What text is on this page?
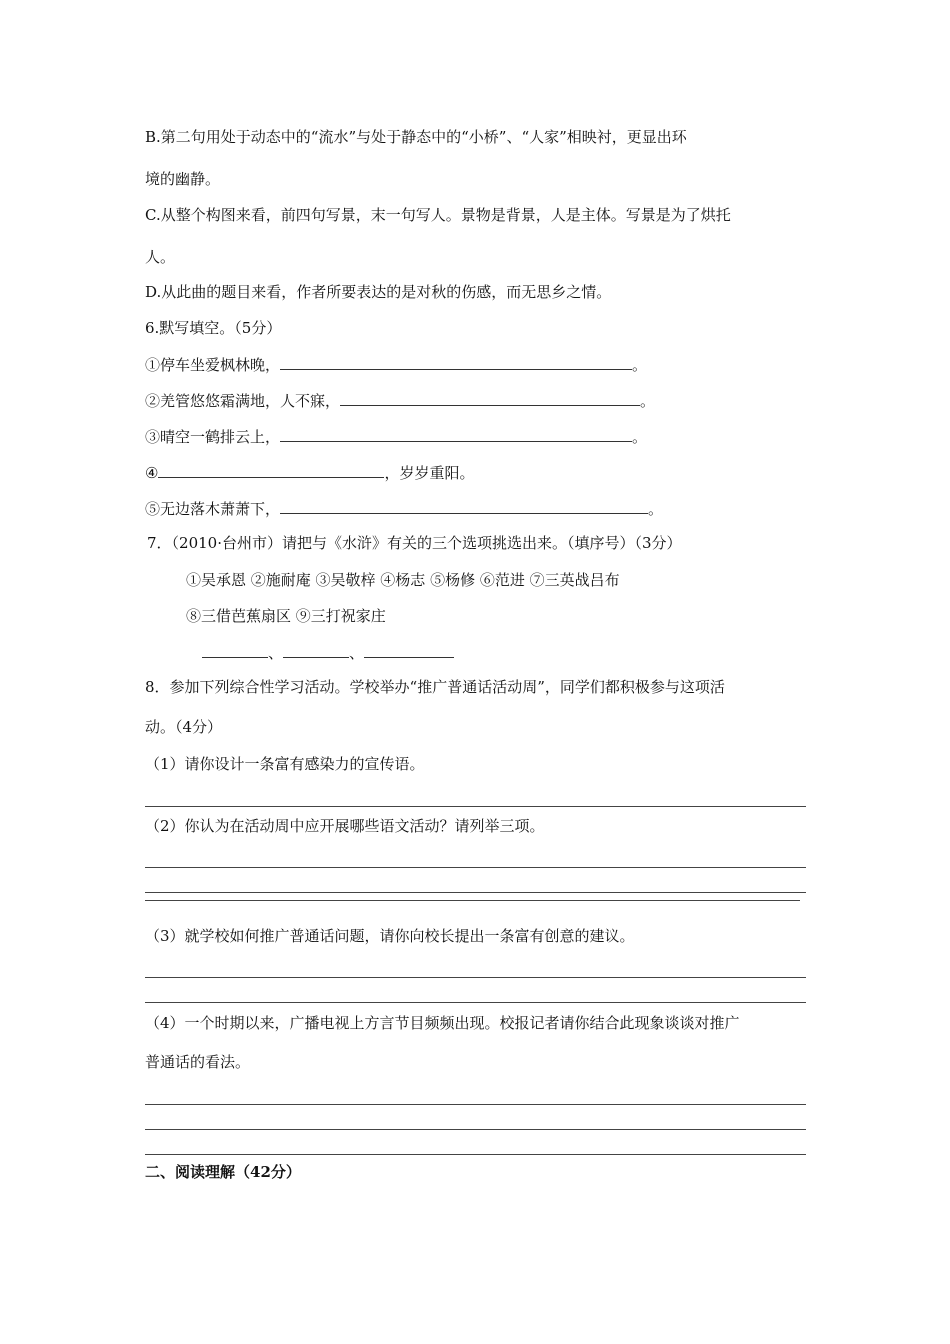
B.第二句用处于动态中的“流水”与处于静态中的“小桥”、“人家”相映衬，更显出环
境的幽静。
C.从整个构图来看，前四句写景，末一句写人。景物是背景，人是主体。写景是为了烘托
人。
D.从此曲的题目来看，作者所要表达的是对秋的伤感，而无思乡之情。
6.默写填空。（5分）
①停车坐爱枫林晚，	。
②羌管悠悠霜满地，人不寐，	。
③晴空一鹤排云上，	。
④	，岁岁重阳。
⑤无边落木萧萧下，	。
7．（2010·台州市）请把与《水浒》有关的三个选项挑选出来。（填序号）（3分）
①吴承恩 ②施耐庵 ③吴敬梓 ④杨志 ⑤杨修 ⑥范进 ⑦三英战吕布
⑧三借芭蕉扇区 ⑨三打祝家庄
、	、
8．参加下列综合性学习活动。学校举办“推广普通话活动周”，同学们都积极参与这项活
动。（4分）
（1）请你设计一条富有感染力的宣传语。
（2）你认为在活动周中应开展哪些语文活动？请列举三项。
（3）就学校如何推广普通话问题，请你向校长提出一条富有创意的建议。
（4）一个时期以来，广播电视上方言节目频频出现。校报记者请你结合此现象谈谈对推广
普通话的看法。
二、阅读理解（42分）
